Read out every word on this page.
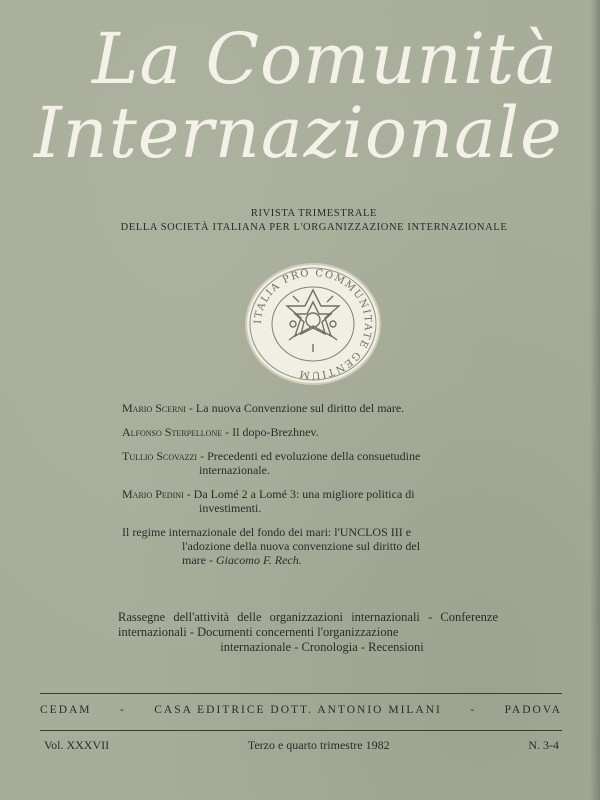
La Comunità
Internazionale
RIVISTA TRIMESTRALE
DELLA SOCIETÀ ITALIANA PER L'ORGANIZZAZIONE INTERNAZIONALE
ITALIA PRO COMMUNITATE GENTIUM
Mario Scerni - La nuova Convenzione sul diritto del mare.
Alfonso Sterpellone - Il dopo-Brezhnev.
Tullio Scovazzi - Precedenti ed evoluzione della consuetudine
internazionale.
Mario Pedini - Da Lomé 2 a Lomé 3: una migliore politica di
investimenti.
Il regime internazionale del fondo dei mari: l'UNCLOS III e
l'adozione della nuova convenzione sul diritto del
mare - Giacomo F. Rech.
Rassegne dell'attività delle organizzazioni internazionali - Conferenze internazionali - Documenti concernenti l'organizzazione
internazionale - Cronologia - Recensioni
CEDAM - CASA EDITRICE DOTT. ANTONIO MILANI - PADOVA
Vol. XXXVII	Terzo e quarto trimestre 1982	N. 3-4
